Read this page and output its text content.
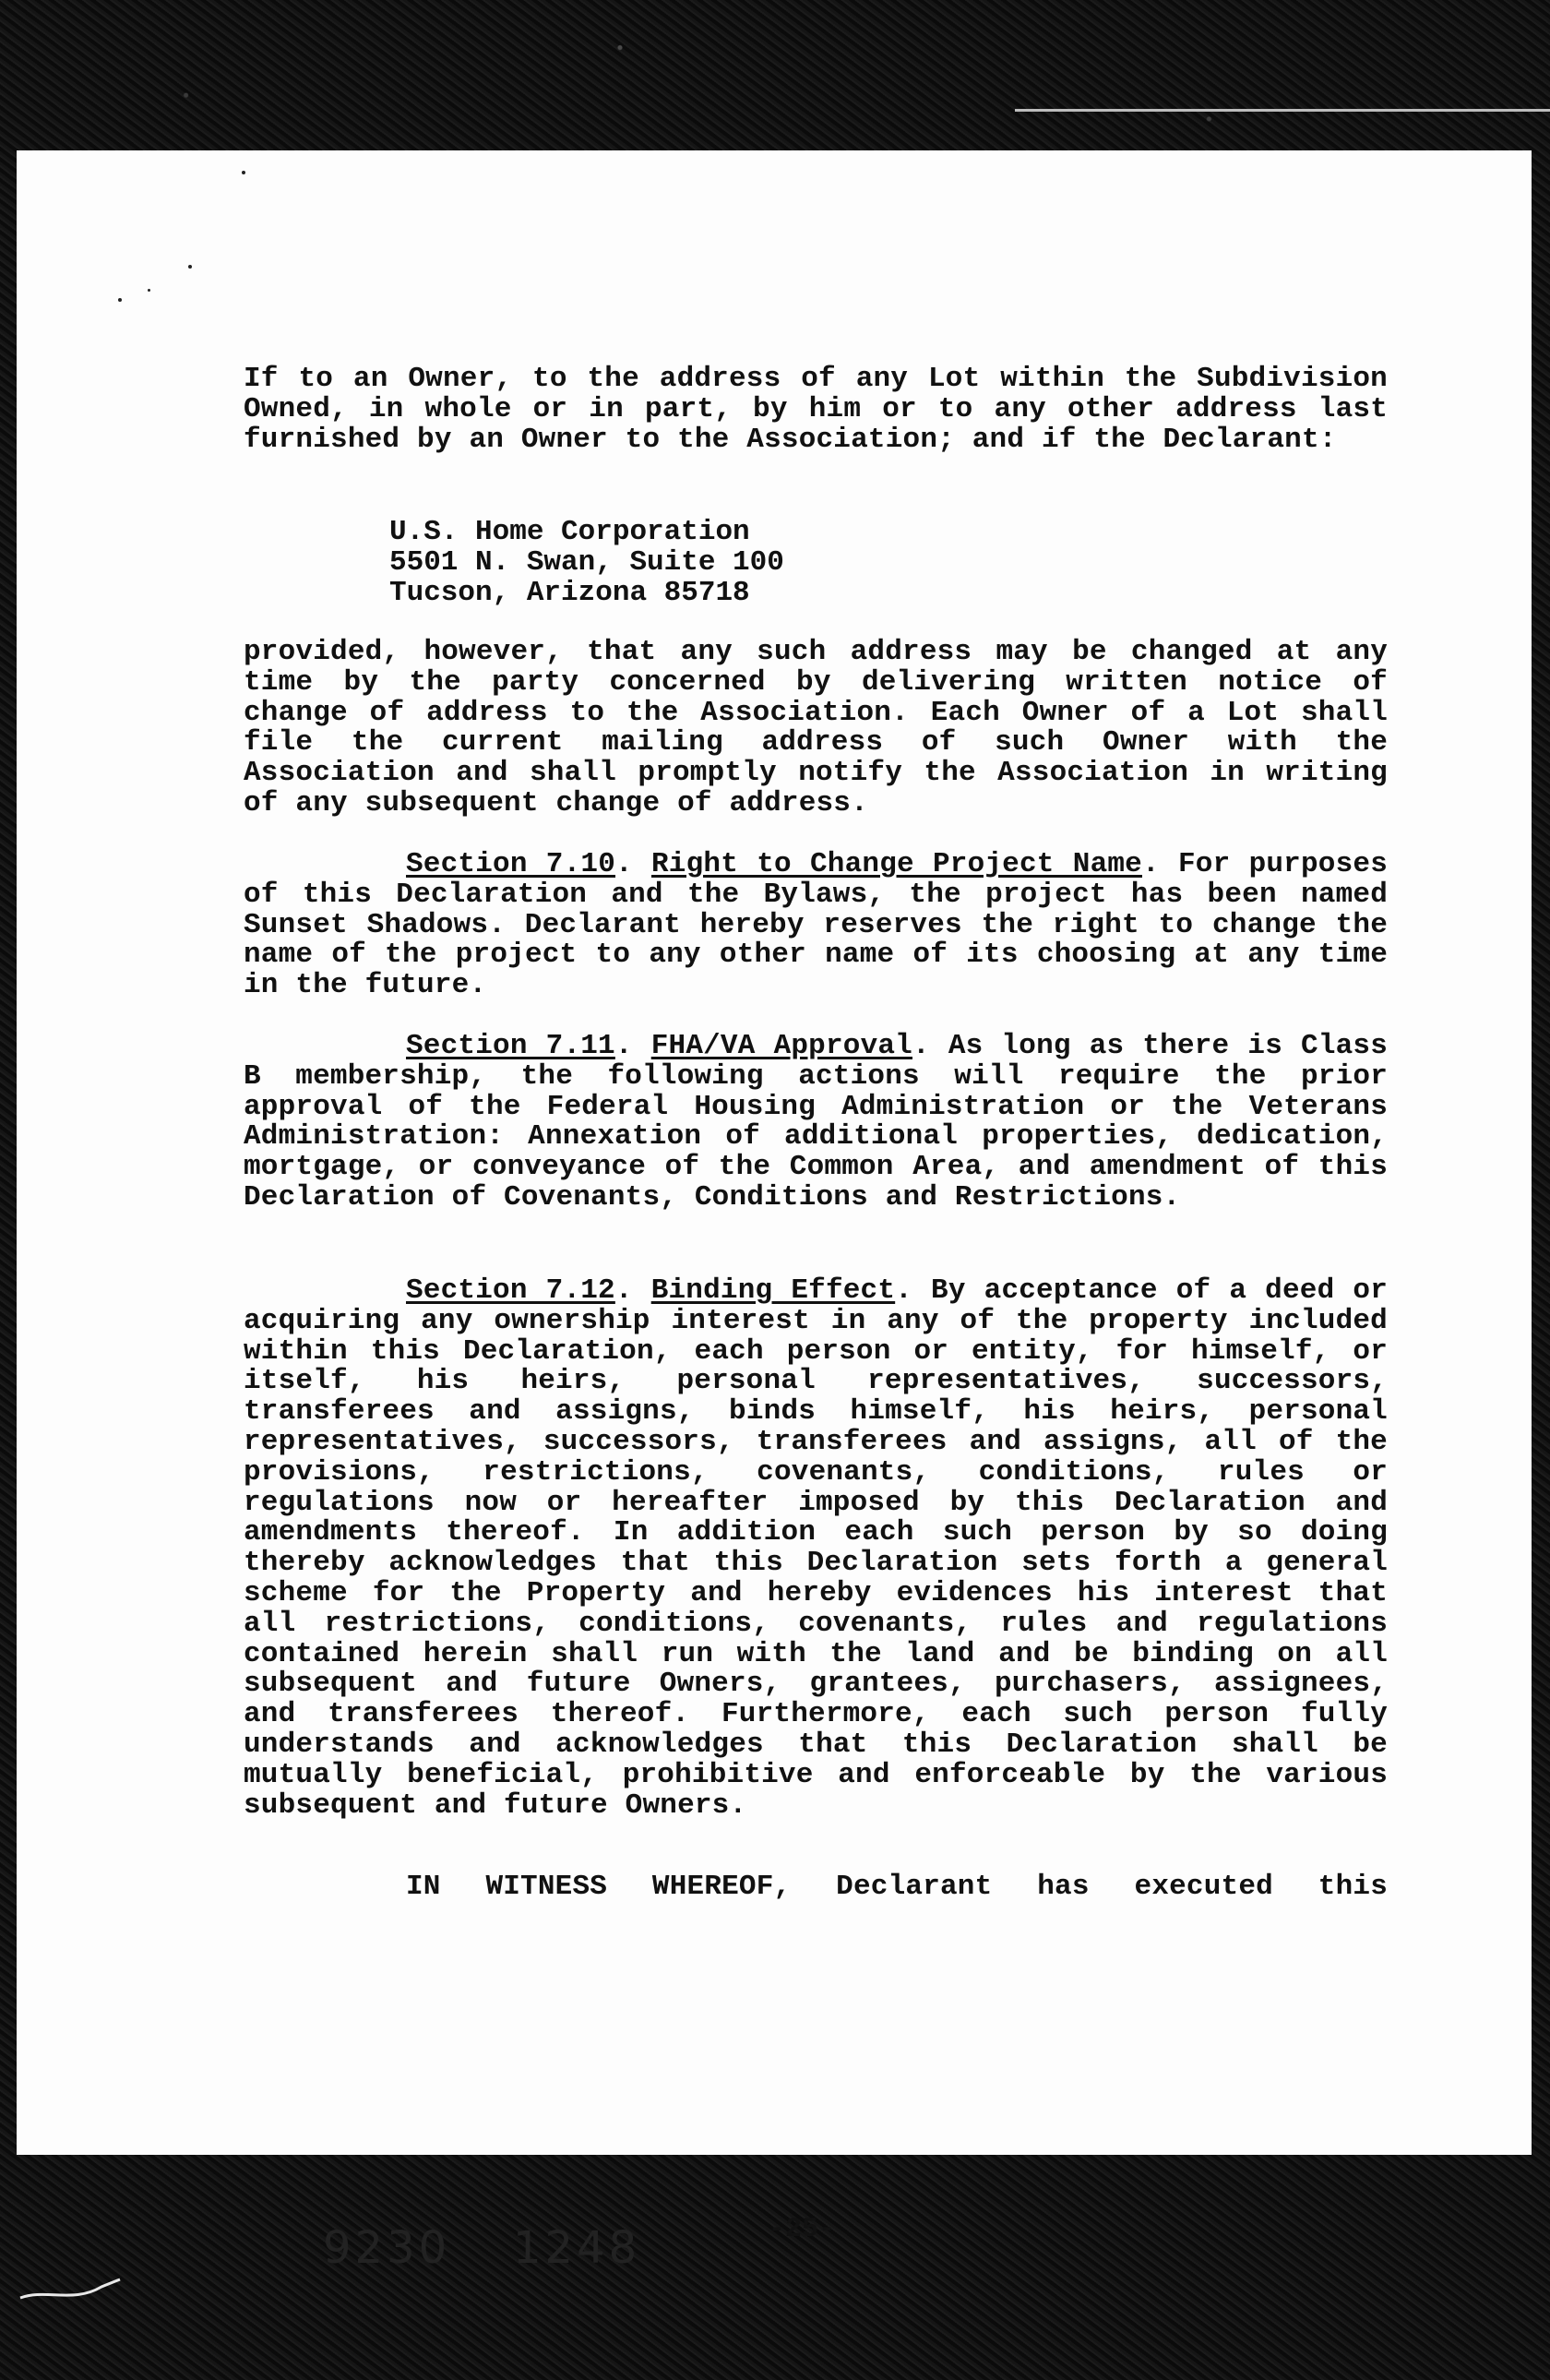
If to an Owner, to the address of any Lot within the Subdivision Owned, in whole or in part, by him or to any other address last furnished by an Owner to the Association; and if the Declarant:

U.S. Home Corporation
5501 N. Swan, Suite 100
Tucson, Arizona 85718

provided, however, that any such address may be changed at any time by the party concerned by delivering written notice of change of address to the Association. Each Owner of a Lot shall file the current mailing address of such Owner with the Association and shall promptly notify the Association in writing of any subsequent change of address.

Section 7.10. Right to Change Project Name. For purposes of this Declaration and the Bylaws, the project has been named Sunset Shadows. Declarant hereby reserves the right to change the name of the project to any other name of its choosing at any time in the future.

Section 7.11. FHA/VA Approval. As long as there is Class B membership, the following actions will require the prior approval of the Federal Housing Administration or the Veterans Administration: Annexation of additional properties, dedication, mortgage, or conveyance of the Common Area, and amendment of this Declaration of Covenants, Conditions and Restrictions.

Section 7.12. Binding Effect. By acceptance of a deed or acquiring any ownership interest in any of the property included within this Declaration, each person or entity, for himself, or itself, his heirs, personal representatives, successors, transferees and assigns, binds himself, his heirs, personal representatives, successors, transferees and assigns, all of the provisions, restrictions, covenants, conditions, rules or regulations now or hereafter imposed by this Declaration and amendments thereof. In addition each such person by so doing thereby acknowledges that this Declaration sets forth a general scheme for the Property and hereby evidences his interest that all restrictions, conditions, covenants, rules and regulations contained herein shall run with the land and be binding on all subsequent and future Owners, grantees, purchasers, assignees, and transferees thereof. Furthermore, each such person fully understands and acknowledges that this Declaration shall be mutually beneficial, prohibitive and enforceable by the various subsequent and future Owners.

IN WITNESS WHEREOF, Declarant has executed this

9230 1248	-25-
